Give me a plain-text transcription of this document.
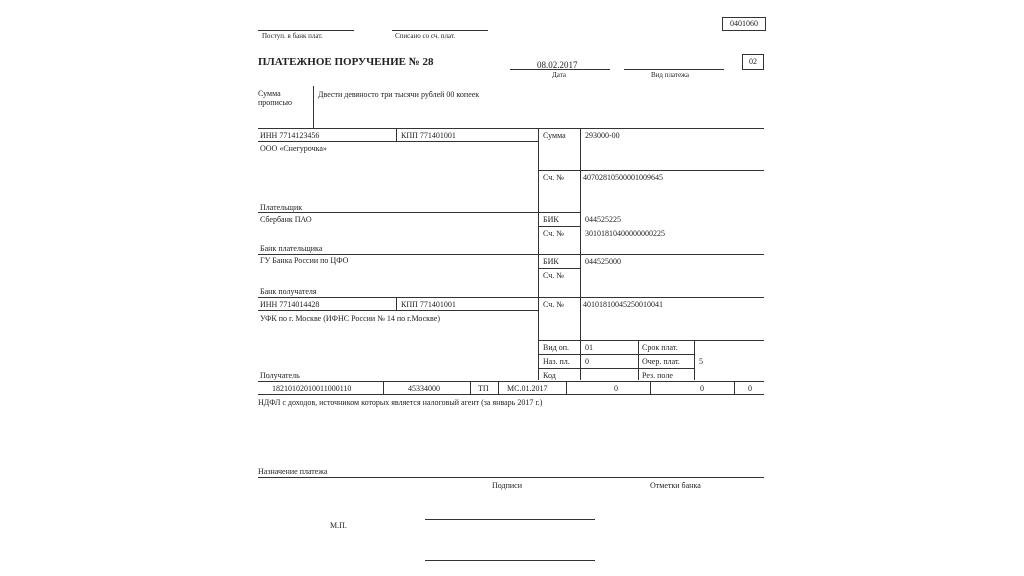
Поступ. в банк плат.	Списано со сч. плат.
0401060
ПЛАТЕЖНОЕ ПОРУЧЕНИЕ № 28	08.02.2017
Дата	Вид платежа
02
Сумма прописью
Двести девяносто три тысячи рублей 00 копеек
ИНН 7714123456	КПП 771401001
ООО «Снегурочка»
Плательщик
Сумма 293000-00
Сч. № 40702810500001009645
Сбербанк ПАО	БИК	044525225
Сч. №	30101810400000000225
Банк плательщика
ГУ Банка России по ЦФО	БИК	044525000
Сч. №
Банк получателя
ИНН 7714014428	КПП 771401001	Сч. № 40101810045250010041
УФК по г. Москве (ИФНС России № 14 по г.Москве)
Вид оп. 01	Срок плат.
Наз. пл. 0	Очер. плат. 5
Код	Рез. поле
Получатель
18210102010011000110	45334000	ТП МС.01.2017	0	0	0
НДФЛ с доходов, источником которых является налоговый агент (за январь 2017 г.)
Назначение платежа
Подписи	Отметки банка
М.П.
